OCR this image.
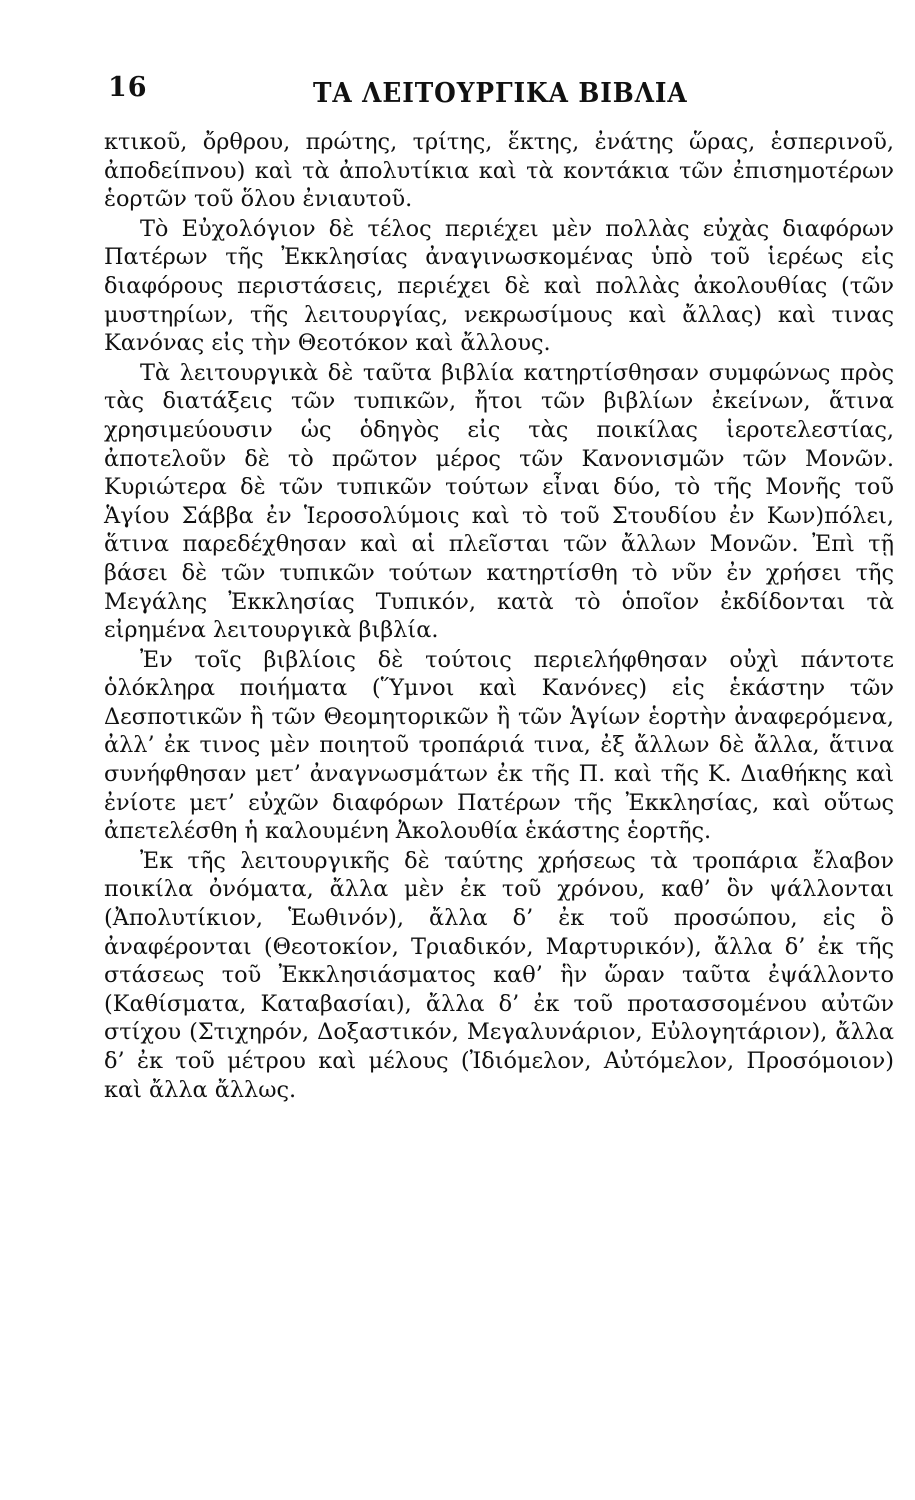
16	ΤΑ ΛΕΙΤΟΥΡΓΙΚΑ ΒΙΒΛΙΑ

κτικοῦ, ὄρθρου, πρώτης, τρίτης, ἕκτης, ἐνάτης ὥρας, ἑσπερινοῦ, ἀποδείπνου) καὶ τὰ ἀπολυτίκια καὶ τὰ κοντάκια τῶν ἐπισημοτέρων ἑορτῶν τοῦ ὅλου ἐνιαυτοῦ.

Τὸ Εὐχολόγιον δὲ τέλος περιέχει μὲν πολλὰς εὐχὰς διαφόρων Πατέρων τῆς Ἐκκλησίας ἀναγινωσκομένας ὑπὸ τοῦ ἱερέως εἰς διαφόρους περιστάσεις, περιέχει δὲ καὶ πολλὰς ἀκολουθίας (τῶν μυστηρίων, τῆς λειτουργίας, νεκρωσίμους καὶ ἄλλας) καὶ τινας Κανόνας εἰς τὴν Θεοτόκον καὶ ἄλλους.

Τὰ λειτουργικὰ δὲ ταῦτα βιβλία κατηρτίσθησαν συμφώνως πρὸς τὰς διατάξεις τῶν τυπικῶν, ἤτοι τῶν βιβλίων ἐκείνων, ἅτινα χρησιμεύουσιν ὡς ὁδηγὸς εἰς τὰς ποικίλας ἱεροτελεστίας, ἀποτελοῦν δὲ τὸ πρῶτον μέρος τῶν Κανονισμῶν τῶν Μονῶν. Κυριώτερα δὲ τῶν τυπικῶν τούτων εἶναι δύο, τὸ τῆς Μονῆς τοῦ Ἁγίου Σάββα ἐν Ἱεροσολύμοις καὶ τὸ τοῦ Στουδίου ἐν Κων)πόλει, ἅτινα παρεδέχθησαν καὶ αἱ πλεῖσται τῶν ἄλλων Μονῶν. Ἐπὶ τῇ βάσει δὲ τῶν τυπικῶν τούτων κατηρτίσθη τὸ νῦν ἐν χρήσει τῆς Μεγάλης Ἐκκλησίας Τυπικόν, κατὰ τὸ ὁποῖον ἐκδίδονται τὰ εἰρημένα λειτουργικὰ βιβλία.

Ἐν τοῖς βιβλίοις δὲ τούτοις περιελήφθησαν οὐχὶ πάντοτε ὁλόκληρα ποιήματα (Ὕμνοι καὶ Κανόνες) εἰς ἑκάστην τῶν Δεσποτικῶν ἢ τῶν Θεομητορικῶν ἢ τῶν Ἁγίων ἑορτὴν ἀναφερόμενα, ἀλλ’ ἐκ τινος μὲν ποιητοῦ τροπάριά τινα, ἐξ ἄλλων δὲ ἄλλα, ἅτινα συνήφθησαν μετ’ ἀναγνωσμάτων ἐκ τῆς Π. καὶ τῆς Κ. Διαθήκης καὶ ἐνίοτε μετ’ εὐχῶν διαφόρων Πατέρων τῆς Ἐκκλησίας, καὶ οὕτως ἀπετελέσθη ἡ καλουμένη Ἀκολουθία ἑκάστης ἑορτῆς.

Ἐκ τῆς λειτουργικῆς δὲ ταύτης χρήσεως τὰ τροπάρια ἔλαβον ποικίλα ὀνόματα, ἄλλα μὲν ἐκ τοῦ χρόνου, καθ’ ὃν ψάλλονται (Ἀπολυτίκιον, Ἑωθινόν), ἄλλα δ’ ἐκ τοῦ προσώπου, εἰς ὃ ἀναφέρονται (Θεοτοκίον, Τριαδικόν, Μαρτυρικόν), ἄλλα δ’ ἐκ τῆς στάσεως τοῦ Ἐκκλησιάσματος καθ’ ἣν ὥραν ταῦτα ἐψάλλοντο (Καθίσματα, Καταβασίαι), ἄλλα δ’ ἐκ τοῦ προτασσομένου αὐτῶν στίχου (Στιχηρόν, Δοξαστικόν, Μεγαλυνάριον, Εὐλογητάριον), ἄλλα δ’ ἐκ τοῦ μέτρου καὶ μέλους (Ἰδιόμελον, Αὐτόμελον, Προσόμοιον) καὶ ἄλλα ἄλλως.
